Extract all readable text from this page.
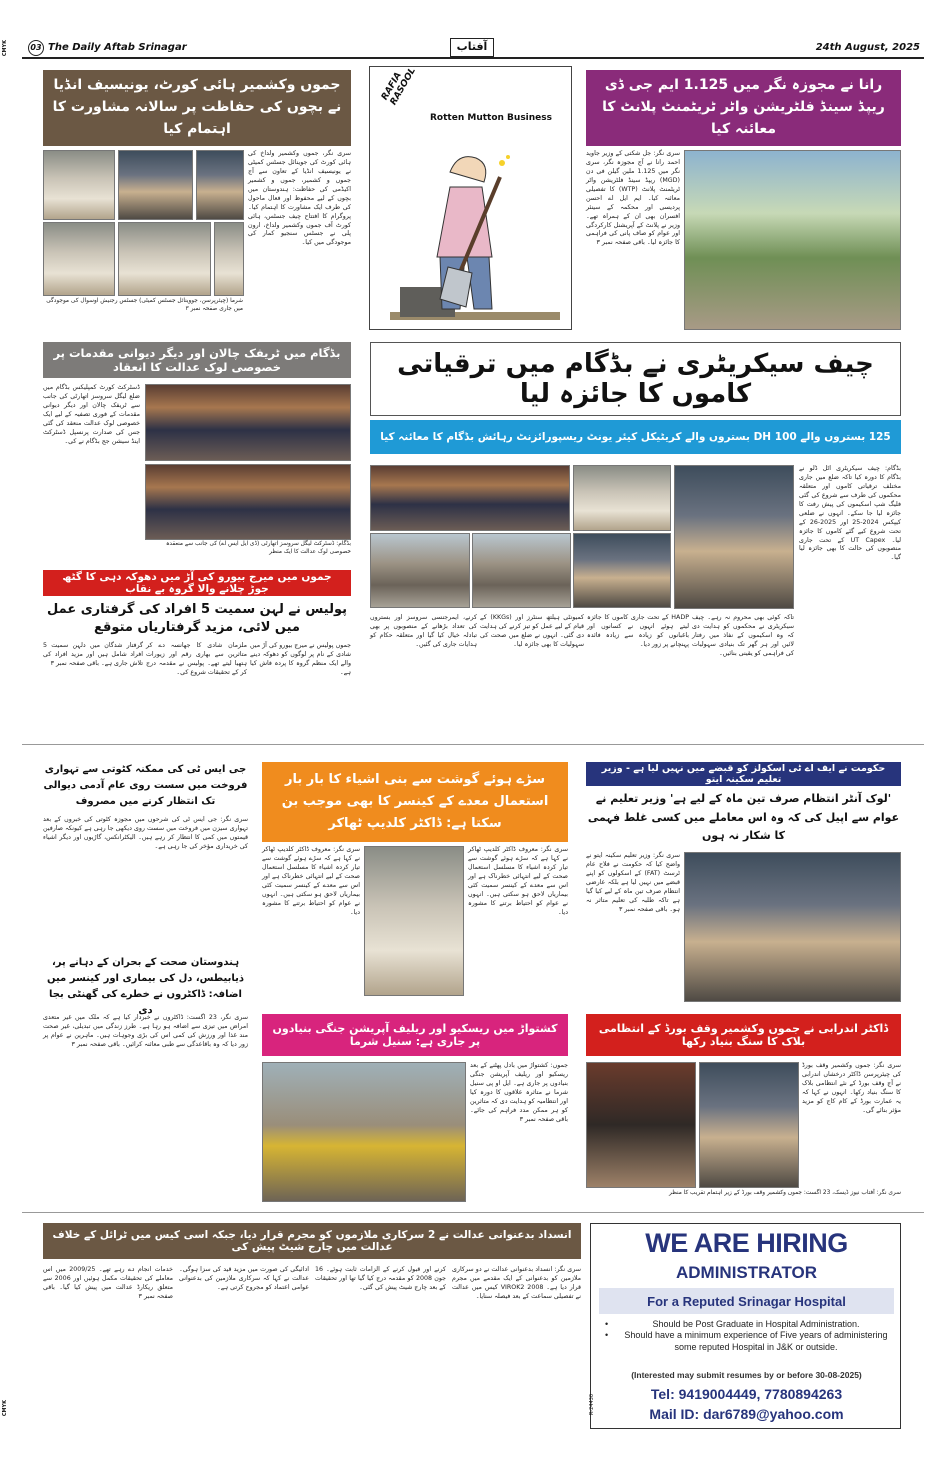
03 The Daily Aftab Srinagar	آفتاب	24th August, 2025
CMYK
جموں وکشمیر ہائی کورٹ، یونیسیف انڈیا نے بچوں کی حفاظت پر سالانہ مشاورت کا اہتمام کیا
سری نگر، جموں وکشمیر ولداخ کی ہائی کورٹ کی جوینائل جسٹس کمیٹی نے یونیسیف انڈیا کے تعاون سے آج جموں و کشمیر، جموں و کشمیر اکیڈمی کی حفاظت: ہندوستان میں بچوں کے لیے محفوظ اور فعال ماحول کی طرف ایک مشاورت کا اہتمام کیا۔ پروگرام کا افتتاح چیف جسٹس، ہائی کورٹ آف جموں وکشمیر ولداخ، ارون پلی نے جسٹس سنجیو کمار کی موجودگی میں کیا۔
شرما (چیئرپرسن، جووینائل جسٹس کمیٹی) جسٹس رجنیش اوسوال کی موجودگی میں جاری صفحہ نمبر ۳
RAFIA RASOOL
Rotten Mutton Business
رانا نے مجوزہ نگر میں 1.125 ایم جی ڈی ریپڈ سینڈ فلٹریشن واٹر ٹریٹمنٹ پلانٹ کا معائنہ کیا
سری نگر: جل شکتی کے وزیر جاوید احمد رانا نے آج مجوزہ نگر، سری نگر میں 1.125 ملین گیلن فی دن (MGD) ریپڈ سینڈ فلٹریشن واٹر ٹریٹمنٹ پلانٹ (WTP) کا تفصیلی معائنہ کیا۔ ایم ایل اے احسن پردیسی اور محکمہ کے سینئر افسران بھی ان کے ہمراہ تھے۔ وزیر نے پلانٹ کے آپریشنل کارکردگی اور عوام کو صاف پانی کی فراہمی کا جائزہ لیا۔ باقی صفحہ نمبر ۳
بڈگام میں ٹریفک چالان اور دیگر دیوانی مقدمات پر خصوصی لوک عدالت کا انعقاد
ڈسٹرکٹ کورٹ کمپلیکس بڈگام میں ضلع لیگل سروسز اتھارٹی کی جانب سے ٹریفک چالان اور دیگر دیوانی مقدمات کے فوری تصفیہ کے لیے ایک خصوصی لوک عدالت منعقد کی گئی جس کی صدارت پرنسپل ڈسٹرکٹ اینڈ سیشن جج بڈگام نے کی۔
بڈگام: ڈسٹرکٹ لیگل سروسز اتھارٹی (ڈی ایل ایس اے) کی جانب سے منعقدہ خصوصی لوک عدالت کا ایک منظر
چیف سیکریٹری نے بڈگام میں ترقیاتی کاموں کا جائزہ لیا
125 بستروں والے 100 DH بستروں والے کریٹیکل کیئر یونٹ ریسپورائزنٹ رہائش بڈگام کا معائنہ کیا
بڈگام: چیف سیکریٹری اٹل ڈلو نے بڈگام کا دورہ کیا تاکہ ضلع میں جاری مختلف ترقیاتی کاموں اور متعلقہ محکموں کی طرف سے شروع کی گئی فلیگ شپ اسکیموں کی پیش رفت کا جائزہ لیا جا سکے۔ انہوں نے ضلعی کیپکس 2024-25 اور 2025-26 کے تحت شروع کیے گئے کاموں کا جائزہ لیا۔ UT Capex کے تحت جاری منصوبوں کی حالت کا بھی جائزہ لیا گیا۔
تاکہ کوئی بھی محروم نہ رہے۔ چیف سیکریٹری نے محکموں کو ہدایت دی کہ وہ اسکیموں کے نفاذ میں رفتار لائیں اور ہر گھر تک بنیادی سہولیات کی فراہمی کو یقینی بنائیں۔
HADP کے تحت جاری کاموں کا جائزہ لیتے ہوئے انہوں نے کسانوں اور باغبانوں کو زیادہ سے زیادہ فائدہ پہنچانے پر زور دیا۔
کمیونٹی ہیلتھ سنٹرز اور (KKGs) کے قیام کے لیے عمل کو تیز کرنے کی ہدایت دی گئی۔ انہوں نے ضلع میں صحت کی سہولیات کا بھی جائزہ لیا۔
کرنے، ایمرجنسی سروسز اور بستروں کی تعداد بڑھانے کے منصوبوں پر بھی تبادلہ خیال کیا گیا اور متعلقہ حکام کو ہدایات جاری کی گئیں۔
جموں میں میرج بیورو کی آڑ میں دھوکہ دہی کا گٹھ جوڑ چلانے والا گروہ بے نقاب
پولیس نے لہن سمیت 5 افراد کی گرفتاری عمل میں لائی، مزید گرفتاریاں متوقع
جموں پولیس نے میرج بیورو کی آڑ میں شادی کے نام پر لوگوں کو دھوکہ دینے والے ایک منظم گروہ کا پردہ فاش کیا ہے۔
ملزمان شادی کا جھانسہ دے کر متاثرین سے بھاری رقم اور زیورات ہتھیا لیتے تھے۔ پولیس نے مقدمہ درج کر کے تحقیقات شروع کی۔
گرفتار شدگان میں دلہن سمیت 5 افراد شامل ہیں اور مزید افراد کی تلاش جاری ہے۔ باقی صفحہ نمبر ۳
جی ایس ٹی کی ممکنہ کٹوتی سے تہواری فروخت میں سست روی عام آدمی دیوالی تک انتظار کرنے میں مصروف
سری نگر: جی ایس ٹی کی شرحوں میں مجوزہ کٹوتی کی خبروں کے بعد تہواری سیزن میں فروخت میں سست روی دیکھی جا رہی ہے کیونکہ صارفین قیمتوں میں کمی کا انتظار کر رہے ہیں۔ الیکٹرانکس، گاڑیوں اور دیگر اشیاء کی خریداری مؤخر کی جا رہی ہے۔
ہندوستان صحت کے بحران کے دہانے پر، ذیابیطس، دل کی بیماری اور کینسر میں اضافہ: ڈاکٹروں نے خطرے کی گھنٹی بجا دی
سری نگر، 23 اگست: ڈاکٹروں نے خبردار کیا ہے کہ ملک میں غیر متعدی امراض میں تیزی سے اضافہ ہو رہا ہے۔ طرز زندگی میں تبدیلی، غیر صحت مند غذا اور ورزش کی کمی اس کی بڑی وجوہات ہیں۔ ماہرین نے عوام پر زور دیا کہ وہ باقاعدگی سے طبی معائنہ کرائیں۔ باقی صفحہ نمبر ۳
سڑے ہوئے گوشت سے بنی اشیاء کا بار بار استعمال معدے کے کینسر کا بھی موجب بن سکتا ہے: ڈاکٹر کلدیپ ٹھاکر
سری نگر: معروف ڈاکٹر کلدیپ ٹھاکر نے کہا ہے کہ سڑے ہوئے گوشت سے تیار کردہ اشیاء کا مسلسل استعمال صحت کے لیے انتہائی خطرناک ہے اور اس سے معدے کے کینسر سمیت کئی بیماریاں لاحق ہو سکتی ہیں۔ انہوں نے عوام کو احتیاط برتنے کا مشورہ دیا۔
سری نگر: معروف ڈاکٹر کلدیپ ٹھاکر نے کہا ہے کہ سڑے ہوئے گوشت سے تیار کردہ اشیاء کا مسلسل استعمال صحت کے لیے انتہائی خطرناک ہے اور اس سے معدے کے کینسر سمیت کئی بیماریاں لاحق ہو سکتی ہیں۔ انہوں نے عوام کو احتیاط برتنے کا مشورہ دیا۔
حکومت نے ایف اے ٹی اسکولز کو قبضے میں نہیں لیا ہے - وزیر تعلیم سکینہ ایتو
'لوک آنٹر انتظام صرف تین ماہ کے لیے ہے' وزیر تعلیم نے عوام سے اپیل کی کہ وہ اس معاملے میں کسی غلط فہمی کا شکار نہ ہوں
سری نگر: وزیر تعلیم سکینہ ایتو نے واضح کیا کہ حکومت نے فلاح عام ٹرسٹ (FAT) کے اسکولوں کو اپنے قبضے میں نہیں لیا ہے بلکہ عارضی انتظام صرف تین ماہ کے لیے کیا گیا ہے تاکہ طلبہ کی تعلیم متاثر نہ ہو۔ باقی صفحہ نمبر ۳
کشتواڑ میں ریسکیو اور ریلیف آپریشن جنگی بنیادوں پر جاری ہے: سنیل شرما
جموں: کشتواڑ میں بادل پھٹنے کے بعد ریسکیو اور ریلیف آپریشن جنگی بنیادوں پر جاری ہے۔ ایل او پی سنیل شرما نے متاثرہ علاقوں کا دورہ کیا اور انتظامیہ کو ہدایت دی کہ متاثرین کو ہر ممکن مدد فراہم کی جائے۔ باقی صفحہ نمبر ۳
ڈاکٹر اندرابی نے جموں وکشمیر وقف بورڈ کے انتظامی بلاک کا سنگ بنیاد رکھا
سری نگر: جموں وکشمیر وقف بورڈ کی چیئرپرسن ڈاکٹر درخشاں اندرابی نے آج وقف بورڈ کے نئے انتظامی بلاک کا سنگ بنیاد رکھا۔ انہوں نے کہا کہ یہ عمارت بورڈ کے کام کاج کو مزید مؤثر بنائے گی۔
سری نگر: آفتاب نیوز ڈیسک، 23 اگست: جموں وکشمیر وقف بورڈ کے زیر اہتمام تقریب کا منظر
انسداد بدعنوانی عدالت نے 2 سرکاری ملازموں کو مجرم قرار دیا، جبکہ اسی کیس میں ٹرائل کے خلاف عدالت میں چارج شیٹ پیش کی
سری نگر: انسداد بدعنوانی عدالت نے دو سرکاری ملازمین کو بدعنوانی کے ایک مقدمے میں مجرم قرار دیا ہے۔ VIROK2 2008 کیس میں عدالت نے تفصیلی سماعت کے بعد فیصلہ سنایا۔
کرنے اور قبول کرنے کے الزامات ثابت ہوئے۔ 16 جون 2008 کو مقدمہ درج کیا گیا تھا اور تحقیقات کے بعد چارج شیٹ پیش کی گئی۔
ادائیگی کی صورت میں مزید قید کی سزا ہوگی۔ عدالت نے کہا کہ سرکاری ملازمین کی بدعنوانی عوامی اعتماد کو مجروح کرتی ہے۔
خدمات انجام دے رہے تھے۔ 2009/25 میں اس معاملے کی تحقیقات مکمل ہوئیں اور 2006 سے متعلق ریکارڈ عدالت میں پیش کیا گیا۔ باقی صفحہ نمبر ۳
R-24430
WE ARE HIRING
ADMINISTRATOR
For a Reputed Srinagar Hospital
•	Should be Post Graduate in Hospital Administration.
• Should have a minimum experience of Five years of administering some reputed Hospital in J&K or outside.
(Interested may submit resumes by or before 30-08-2025)
Tel: 9419004449, 7780894263
Mail ID: dar6789@yahoo.com
CMYK
